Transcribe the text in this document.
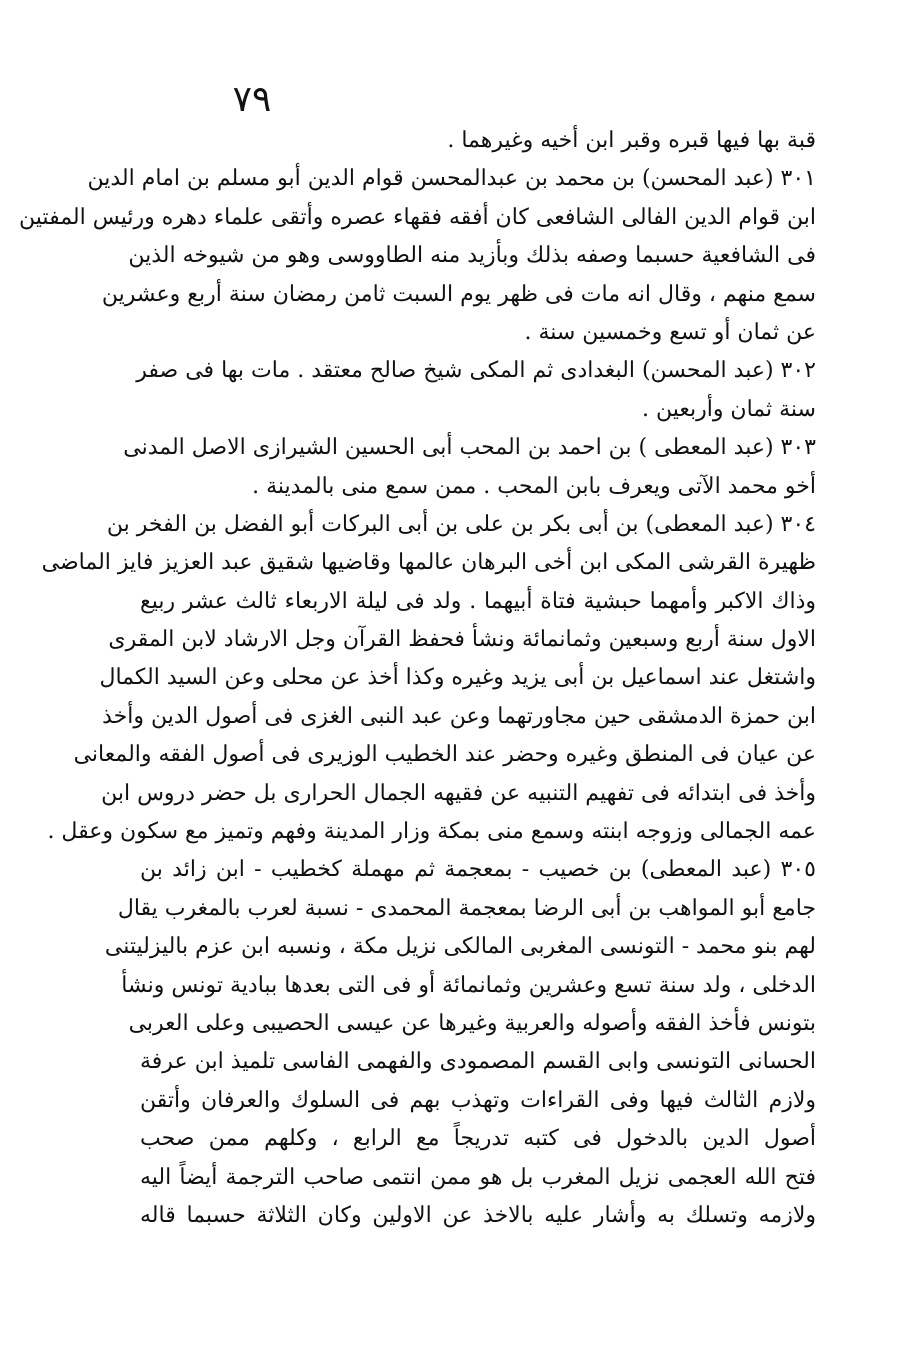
٧٩
قبة بها فيها قبره وقبر ابن أخيه وغيرهما .
٣٠١ (عبد المحسن) بن محمد بن عبدالمحسن قوام الدين أبو مسلم بن امام الدين
ابن قوام الدين الفالى الشافعى كان أفقه فقهاء عصره وأتقى علماء دهره ورئيس المفتين
فى الشافعية حسبما وصفه بذلك وبأزيد منه الطاووسى وهو من شيوخه الذين
سمع منهم ، وقال انه مات فى ظهر يوم السبت ثامن رمضان سنة أربع وعشرين
عن ثمان أو تسع وخمسين سنة .
٣٠٢ (عبد المحسن) البغدادى ثم المكى شيخ صالح معتقد . مات بها فى صفر
سنة ثمان وأربعين .
٣٠٣ (عبد المعطى ) بن احمد بن المحب أبى الحسين الشيرازى الاصل المدنى
أخو محمد الآتى ويعرف بابن المحب . ممن سمع منى بالمدينة .
٣٠٤ (عبد المعطى) بن أبى بكر بن على بن أبى البركات أبو الفضل بن الفخر بن
ظهيرة القرشى المكى ابن أخى البرهان عالمها وقاضيها شقيق عبد العزيز فايز الماضى
وذاك الاكبر وأمهما حبشية فتاة أبيهما . ولد فى ليلة الاربعاء ثالث عشر ربيع
الاول سنة أربع وسبعين وثمانمائة ونشأ فحفظ القرآن وجل الارشاد لابن المقرى
واشتغل عند اسماعيل بن أبى يزيد وغيره وكذا أخذ عن محلى وعن السيد الكمال
ابن حمزة الدمشقى حين مجاورتهما وعن عبد النبى الغزى فى أصول الدين وأخذ
عن عيان فى المنطق وغيره وحضر عند الخطيب الوزيرى فى أصول الفقه والمعانى
وأخذ فى ابتدائه فى تفهيم التنبيه عن فقيهه الجمال الحرارى بل حضر دروس ابن
عمه الجمالى وزوجه ابنته وسمع منى بمكة وزار المدينة وفهم وتميز مع سكون وعقل .
٣٠٥ (عبد المعطى) بن خصيب - بمعجمة ثم مهملة كخطيب - ابن زائد بن
جامع أبو المواهب بن أبى الرضا بمعجمة المحمدى - نسبة لعرب بالمغرب يقال
لهم بنو محمد - التونسى المغربى المالكى نزيل مكة ، ونسبه ابن عزم باليزليتنى
الدخلى ، ولد سنة تسع وعشرين وثمانمائة أو فى التى بعدها ببادية تونس ونشأ
بتونس فأخذ الفقه وأصوله والعربية وغيرها عن عيسى الحصيبى وعلى العربى
الحسانى التونسى وابى القسم المصمودى والفهمى الفاسى تلميذ ابن عرفة
ولازم الثالث فيها وفى القراءات وتهذب بهم فى السلوك والعرفان وأتقن
أصول الدين بالدخول فى كتبه تدريجاً مع الرابع ، وكلهم ممن صحب
فتح الله العجمى نزيل المغرب بل هو ممن انتمى صاحب الترجمة أيضاً اليه
ولازمه وتسلك به وأشار عليه بالاخذ عن الاولين وكان الثلاثة حسبما قاله
